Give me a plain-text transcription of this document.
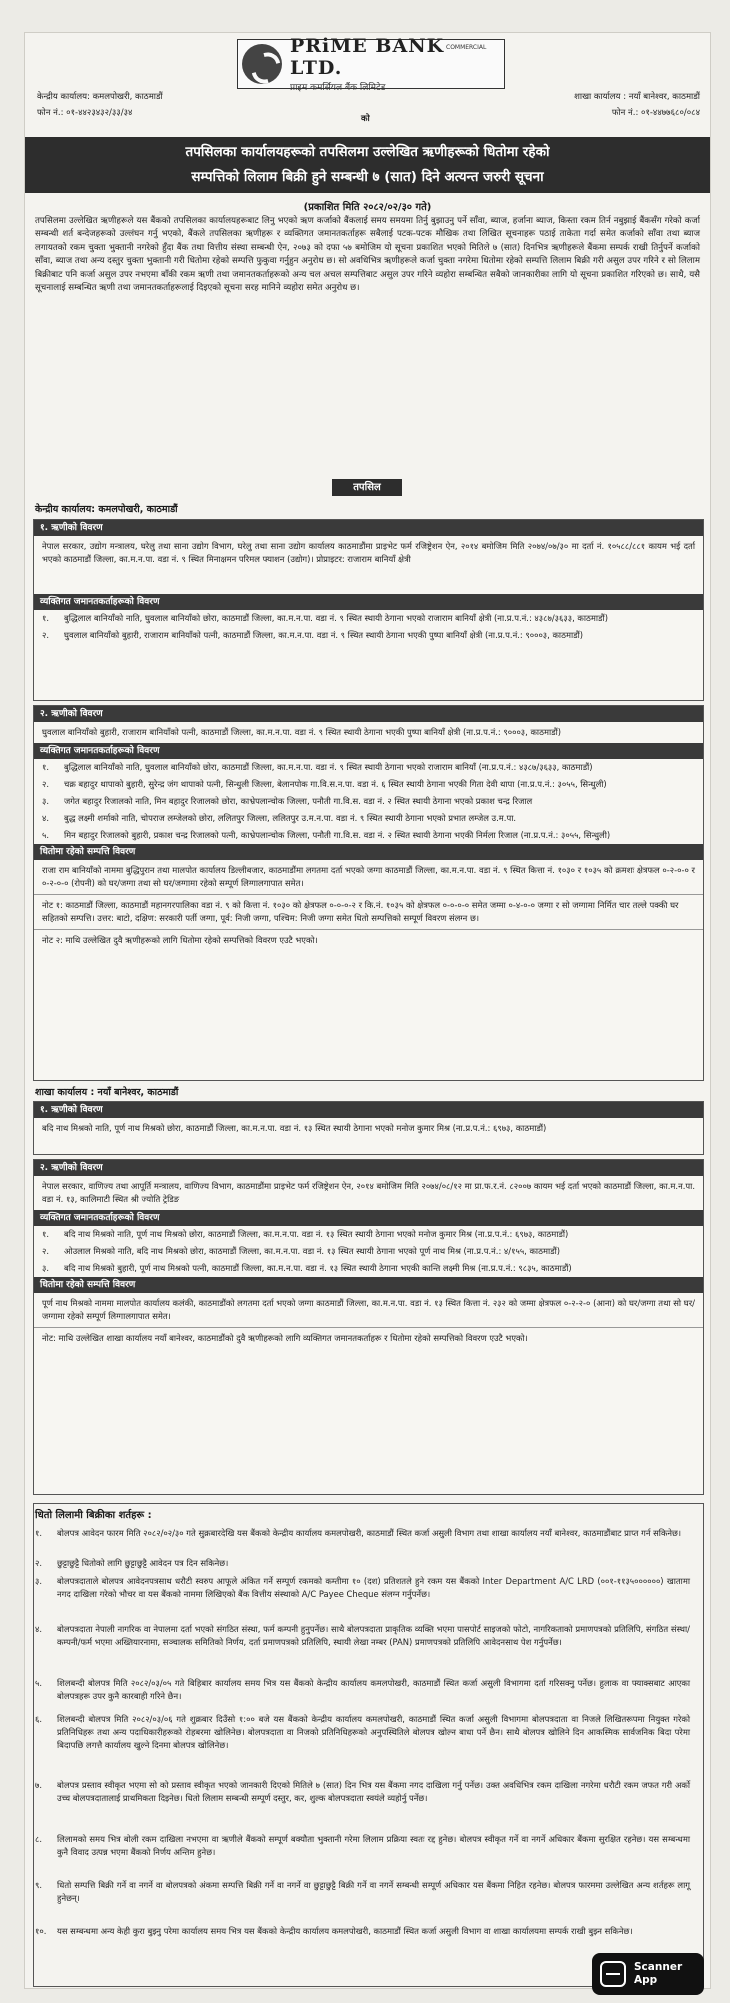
PRiME BANK LTD.
प्राइम कमर्सियल बैंक लिमिटेड
COMMERCIAL
केन्द्रीय कार्यालय: कमलपोखरी, काठमाडौं
फोन नं.: ०१-४४२३४३२/३३/३४
को
शाखा कार्यालय : नयाँ बानेश्वर, काठमाडौं
फोन नं.: ०१-४४७७६८०/०८४
तपसिलका कार्यालयहरूको तपसिलमा उल्लेखित ऋणीहरूको धितोमा रहेको
सम्पत्तिको लिलाम बिक्री हुने सम्बन्धी ७ (सात) दिने अत्यन्त जरुरी सूचना
(प्रकाशित मिति २०८२/०२/३० गते)
तपसिलमा उल्लेखित ऋणीहरूले यस बैंकको तपसिलका कार्यालयहरूबाट लिनु भएको ऋण कर्जाको बैंकलाई समय समयमा तिर्नु बुझाउनु पर्ने साँवा, ब्याज, हर्जाना ब्याज, किस्ता रकम तिर्न नबुझाई बैंकसँग गरेको कर्जा सम्बन्धी शर्त बन्देजहरूको उल्लंघन गर्नु भएको, बैंकले तपसिलका ऋणीहरू र व्यक्तिगत जमानतकर्ताहरू सबैलाई पटक-पटक मौखिक तथा लिखित सूचनाहरू पठाई ताकेता गर्दा समेत कर्जाको साँवा तथा ब्याज लगायतको रकम चुक्ता भुक्तानी नगरेको हुँदा बैंक तथा वित्तीय संस्था सम्बन्धी ऐन, २०७३ को दफा ५७ बमोजिम यो सूचना प्रकाशित भएको मितिले ७ (सात) दिनभित्र ऋणीहरूले बैंकमा सम्पर्क राखी तिर्नुपर्ने कर्जाको साँवा, ब्याज तथा अन्य दस्तुर चुक्ता भुक्तानी गरी धितोमा रहेको सम्पत्ति फुकुवा गर्नुहुन अनुरोध छ। सो अवधिभित्र ऋणीहरूले कर्जा चुक्ता नगरेमा धितोमा रहेको सम्पत्ति लिलाम बिक्री गरी असुल उपर गरिने र सो लिलाम बिक्रीबाट पनि कर्जा असुल उपर नभएमा बाँकी रकम ऋणी तथा जमानतकर्ताहरूको अन्य चल अचल सम्पत्तिबाट असुल उपर गरिने व्यहोरा सम्बन्धित सबैको जानकारीका लागि यो सूचना प्रकाशित गरिएको छ। साथै, यसै सूचनालाई सम्बन्धित ऋणी तथा जमानतकर्ताहरूलाई दिइएको सूचना सरह मानिने व्यहोरा समेत अनुरोध छ।
तपसिल
केन्द्रीय कार्यालय: कमलपोखरी, काठमाडौं
१. ऋणीको विवरण
नेपाल सरकार, उद्योग मन्त्रालय, घरेलु तथा साना उद्योग विभाग, घरेलु तथा साना उद्योग कार्यालय काठमाडौंमा प्राइभेट फर्म रजिष्ट्रेशन ऐन, २०१४ बमोजिम मिति २०७४/०७/३० मा दर्ता नं. १०५८८/८८१ कायम भई दर्ता भएको काठमाडौं जिल्ला, का.म.न.पा. वडा नं. ९ स्थित मिनाक्षमन परिमल फ्याशन (उद्योग)। प्रोप्राइटर: राजाराम बानियाँ क्षेत्री
व्यक्तिगत जमानतकर्ताहरूको विवरण
१.	बुद्धिलाल बानियाँको नाति, घुवलाल बानियाँको छोरा, काठमाडौं जिल्ला, का.म.न.पा. वडा नं. ९ स्थित स्थायी ठेगाना भएको राजाराम बानियाँ क्षेत्री (ना.प्र.प.नं.: ४३८७/३६३३, काठमाडौं)
२.	घुवलाल बानियाँको बुहारी, राजाराम बानियाँको पत्नी, काठमाडौं जिल्ला, का.म.न.पा. वडा नं. ९ स्थित स्थायी ठेगाना भएकी पुष्पा बानियाँ क्षेत्री (ना.प्र.प.नं.: ९०००३, काठमाडौं)
२. ऋणीको विवरण
घुवलाल बानियाँको बुहारी, राजाराम बानियाँको पत्नी, काठमाडौं जिल्ला, का.म.न.पा. वडा नं. ९ स्थित स्थायी ठेगाना भएकी पुष्पा बानियाँ क्षेत्री (ना.प्र.प.नं.: ९०००३, काठमाडौं)
व्यक्तिगत जमानतकर्ताहरूको विवरण
१.	बुद्धिलाल बानियाँको नाति, घुवलाल बानियाँको छोरा, काठमाडौं जिल्ला, का.म.न.पा. वडा नं. ९ स्थित स्थायी ठेगाना भएको राजाराम बानियाँ (ना.प्र.प.नं.: ४३८७/३६३३, काठमाडौं)
२.	चक्र बहादुर थापाको बुहारी, सुरेन्द्र जंग थापाको पत्नी, सिन्धुली जिल्ला, बेलानपोक गा.वि.स.न.पा. वडा नं. ६ स्थित स्थायी ठेगाना भएकी गिता देवी थापा (ना.प्र.प.नं.: ३०५५, सिन्धुली)
३.	जगेत बहादुर रिजालको नाति, मिन बहादुर रिजालको छोरा, काभ्रेपलान्चोक जिल्ला, पनौती गा.वि.स. वडा नं. २ स्थित स्थायी ठेगाना भएको प्रकाश चन्द्र रिजाल
४.	बुद्ध लक्ष्मी शर्माको नाति, चोपराज लम्जेलको छोरा, ललितपुर जिल्ला, ललितपुर उ.म.न.पा. वडा नं. ९ स्थित स्थायी ठेगाना भएको प्रभात लम्जेल उ.म.पा.
५.	मिन बहादुर रिजालको बुहारी, प्रकाश चन्द्र रिजालको पत्नी, काभ्रेपलान्चोक जिल्ला, पनौती गा.वि.स. वडा नं. २ स्थित स्थायी ठेगाना भएकी निर्मला रिजाल (ना.प्र.प.नं.: ३०५५, सिन्धुली)
धितोमा रहेको सम्पत्ति विवरण
राजा राम बानियाँको नाममा बुद्धिपुरान तथा मालपोत कार्यालय डिल्लीबजार, काठमाडौंमा लगतमा दर्ता भएको जग्गा काठमाडौं जिल्ला, का.म.न.पा. वडा नं. ९ स्थित कित्ता नं. १०३० र १०३५ को क्रमशः क्षेत्रफल ०-२-०-० र ०-२-०-० (रोपनी) को घर/जग्गा तथा सो घर/जग्गामा रहेको सम्पूर्ण लिग्गालगापात समेत।
नोट १: काठमाडौं जिल्ला, काठमाडौं महानगरपालिका वडा नं. ९ को कित्ता नं. १०३० को क्षेत्रफल ०-०-०-२ र कि.नं. १०३५ को क्षेत्रफल ०-०-०-० समेत जम्मा ०-४-०-० जग्गा र सो जग्गामा निर्मित चार तल्ले पक्की घर सहितको सम्पत्ति। उत्तर: बाटो, दक्षिण: सरकारी पर्ती जग्गा, पूर्व: निजी जग्गा, पश्चिम: निजी जग्गा समेत धितो सम्पत्तिको सम्पूर्ण विवरण संलग्न छ।
नोट २: माथि उल्लेखित दुवै ऋणीहरूको लागि धितोमा रहेको सम्पत्तिको विवरण एउटै भएको।
शाखा कार्यालय : नयाँ बानेश्वर, काठमाडौं
१. ऋणीको विवरण
बदि नाथ मिश्रको नाति, पूर्ण नाथ मिश्रको छोरा, काठमाडौं जिल्ला, का.म.न.पा. वडा नं. १३ स्थित स्थायी ठेगाना भएको मनोज कुमार मिश्र (ना.प्र.प.नं.: ६९७३, काठमाडौं)
२. ऋणीको विवरण
नेपाल सरकार, वाणिज्य तथा आपूर्ति मन्त्रालय, वाणिज्य विभाग, काठमाडौंमा प्राइभेट फर्म रजिष्ट्रेशन ऐन, २०१४ बमोजिम मिति २०७४/०८/१२ मा प्रा.फ.र.नं. ८२००७ कायम भई दर्ता भएको काठमाडौं जिल्ला, का.म.न.पा. वडा नं. १३, कालिमाटी स्थित श्री ज्योति ट्रेडिङ
व्यक्तिगत जमानतकर्ताहरूको विवरण
१.	बदि नाथ मिश्रको नाति, पूर्ण नाथ मिश्रको छोरा, काठमाडौं जिल्ला, का.म.न.पा. वडा नं. १३ स्थित स्थायी ठेगाना भएको मनोज कुमार मिश्र (ना.प्र.प.नं.: ६९७३, काठमाडौं)
२.	ओउलाल मिश्रको नाति, बदि नाथ मिश्रको छोरा, काठमाडौं जिल्ला, का.म.न.पा. वडा नं. १३ स्थित स्थायी ठेगाना भएको पूर्ण नाथ मिश्र (ना.प्र.प.नं.: ४/१५५, काठमाडौं)
३.	बदि नाथ मिश्रको बुहारी, पूर्ण नाथ मिश्रको पत्नी, काठमाडौं जिल्ला, का.म.न.पा. वडा नं. १३ स्थित स्थायी ठेगाना भएकी कान्ति लक्ष्मी मिश्र (ना.प्र.प.नं.: ९८३५, काठमाडौं)
धितोमा रहेको सम्पत्ति विवरण
पूर्ण नाथ मिश्रको नाममा मालपोत कार्यालय कलंकी, काठमाडौंको लगतमा दर्ता भएको जग्गा काठमाडौं जिल्ला, का.म.न.पा. वडा नं. १३ स्थित कित्ता नं. २३२ को जम्मा क्षेत्रफल ०-२-२-० (आना) को घर/जग्गा तथा सो घर/जग्गामा रहेको सम्पूर्ण लिग्गालगापात समेत।
नोट: माथि उल्लेखित शाखा कार्यालय नयाँ बानेश्वर, काठमाडौंको दुवै ऋणीहरूको लागि व्यक्तिगत जमानतकर्ताहरू र धितोमा रहेको सम्पत्तिको विवरण एउटै भएको।
धितो लिलामी बिक्रीका शर्तहरू :
१.	बोलपत्र आवेदन फारम मिति २०८२/०२/३० गते सुक्रबारदेखि यस बैंकको केन्द्रीय कार्यालय कमलपोखरी, काठमाडौं स्थित कर्जा असुली विभाग तथा शाखा कार्यालय नयाँ बानेश्वर, काठमाडौंबाट प्राप्त गर्न सकिनेछ।
२.	छुट्टाछुट्टै धितोको लागि छुट्टाछुट्टै आवेदन पत्र दिन सकिनेछ।
३.	बोलपत्रदाताले बोलपत्र आवेदनपत्रसाथ धरौटी स्वरुप आफूले अंकित गर्ने सम्पूर्ण रकमको कम्तीमा १० (दश) प्रतिशतले हुने रकम यस बैंकको Inter Department A/C LRD (००१-११३५००००००) खातामा नगद दाखिला गरेको भौचर वा यस बैंकको नाममा लिखिएको बैंक वित्तीय संस्थाको A/C Payee Cheque संलग्न गर्नुपर्नेछ।
४.	बोलपत्रदाता नेपाली नागरिक वा नेपालमा दर्ता भएको संगठित संस्था, फर्म कम्पनी हुनुपर्नेछ। साथै बोलपत्रदाता प्राकृतिक व्यक्ति भएमा पासपोर्ट साइजको फोटो, नागरिकताको प्रमाणपत्रको प्रतिलिपि, संगठित संस्था/कम्पनी/फर्म भएमा अख्तियारनामा, सञ्चालक समितिको निर्णय, दर्ता प्रमाणपत्रको प्रतिलिपि, स्थायी लेखा नम्बर (PAN) प्रमाणपत्रको प्रतिलिपि आवेदनसाथ पेश गर्नुपर्नेछ।
५.	शिलबन्दी बोलपत्र मिति २०८२/०३/०५ गते बिहिबार कार्यालय समय भित्र यस बैंकको केन्द्रीय कार्यालय कमलपोखरी, काठमाडौं स्थित कर्जा असुली विभागमा दर्ता गरिसक्नु पर्नेछ। हुलाक वा फ्याक्सबाट आएका बोलपत्रहरू उपर कुनै कारबाही गरिने छैन।
६.	शिलबन्दी बोलपत्र मिति २०८२/०३/०६ गते शुक्रबार दिउँसो १:०० बजे यस बैंकको केन्द्रीय कार्यालय कमलपोखरी, काठमाडौं स्थित कर्जा असुली विभागमा बोलपत्रदाता वा निजले लिखितरूपमा नियुक्त गरेको प्रतिनिधिहरू तथा अन्य पदाधिकारीहरूको रोहबरमा खोलिनेछ। बोलपत्रदाता वा निजको प्रतिनिधिहरूको अनुपस्थितिले बोलपत्र खोल्न बाधा पर्ने छैन। साथै बोलपत्र खोलिने दिन आकस्मिक सार्वजनिक बिदा परेमा बिदापछि लगत्तै कार्यालय खुल्ने दिनमा बोलपत्र खोलिनेछ।
७.	बोलपत्र प्रस्ताव स्वीकृत भएमा सो को प्रस्ताव स्वीकृत भएको जानकारी दिएको मितिले ७ (सात) दिन भित्र यस बैंकमा नगद दाखिला गर्नु पर्नेछ। उक्त अवधिभित्र रकम दाखिला नगरेमा धरौटी रकम जफत गरी अर्को उच्च बोलपत्रदातालाई प्राथमिकता दिइनेछ। धितो लिलाम सम्बन्धी सम्पूर्ण दस्तुर, कर, शुल्क बोलपत्रदाता स्वयंले व्यहोर्नु पर्नेछ।
८.	लिलामको समय भित्र बोली रकम दाखिला नभएमा वा ऋणीले बैंकको सम्पूर्ण बक्यौता भुक्तानी गरेमा लिलाम प्रक्रिया स्वतः रद्द हुनेछ। बोलपत्र स्वीकृत गर्ने वा नगर्ने अधिकार बैंकमा सुरक्षित रहनेछ। यस सम्बन्धमा कुनै विवाद उत्पन्न भएमा बैंकको निर्णय अन्तिम हुनेछ।
९.	धितो सम्पत्ति बिक्री गर्ने वा नगर्ने वा बोलपत्रको अंकमा सम्पत्ति बिक्री गर्ने वा नगर्ने वा छुट्टाछुट्टै बिक्री गर्ने वा नगर्ने सम्बन्धी सम्पूर्ण अधिकार यस बैंकमा निहित रहनेछ। बोलपत्र फारममा उल्लेखित अन्य शर्तहरू लागू हुनेछन्।
१०.	यस सम्बन्धमा अन्य केही कुरा बुझ्नु परेमा कार्यालय समय भित्र यस बैंकको केन्द्रीय कार्यालय कमलपोखरी, काठमाडौं स्थित कर्जा असुली विभाग वा शाखा कार्यालयमा सम्पर्क राखी बुझ्न सकिनेछ।
Scanner
App
